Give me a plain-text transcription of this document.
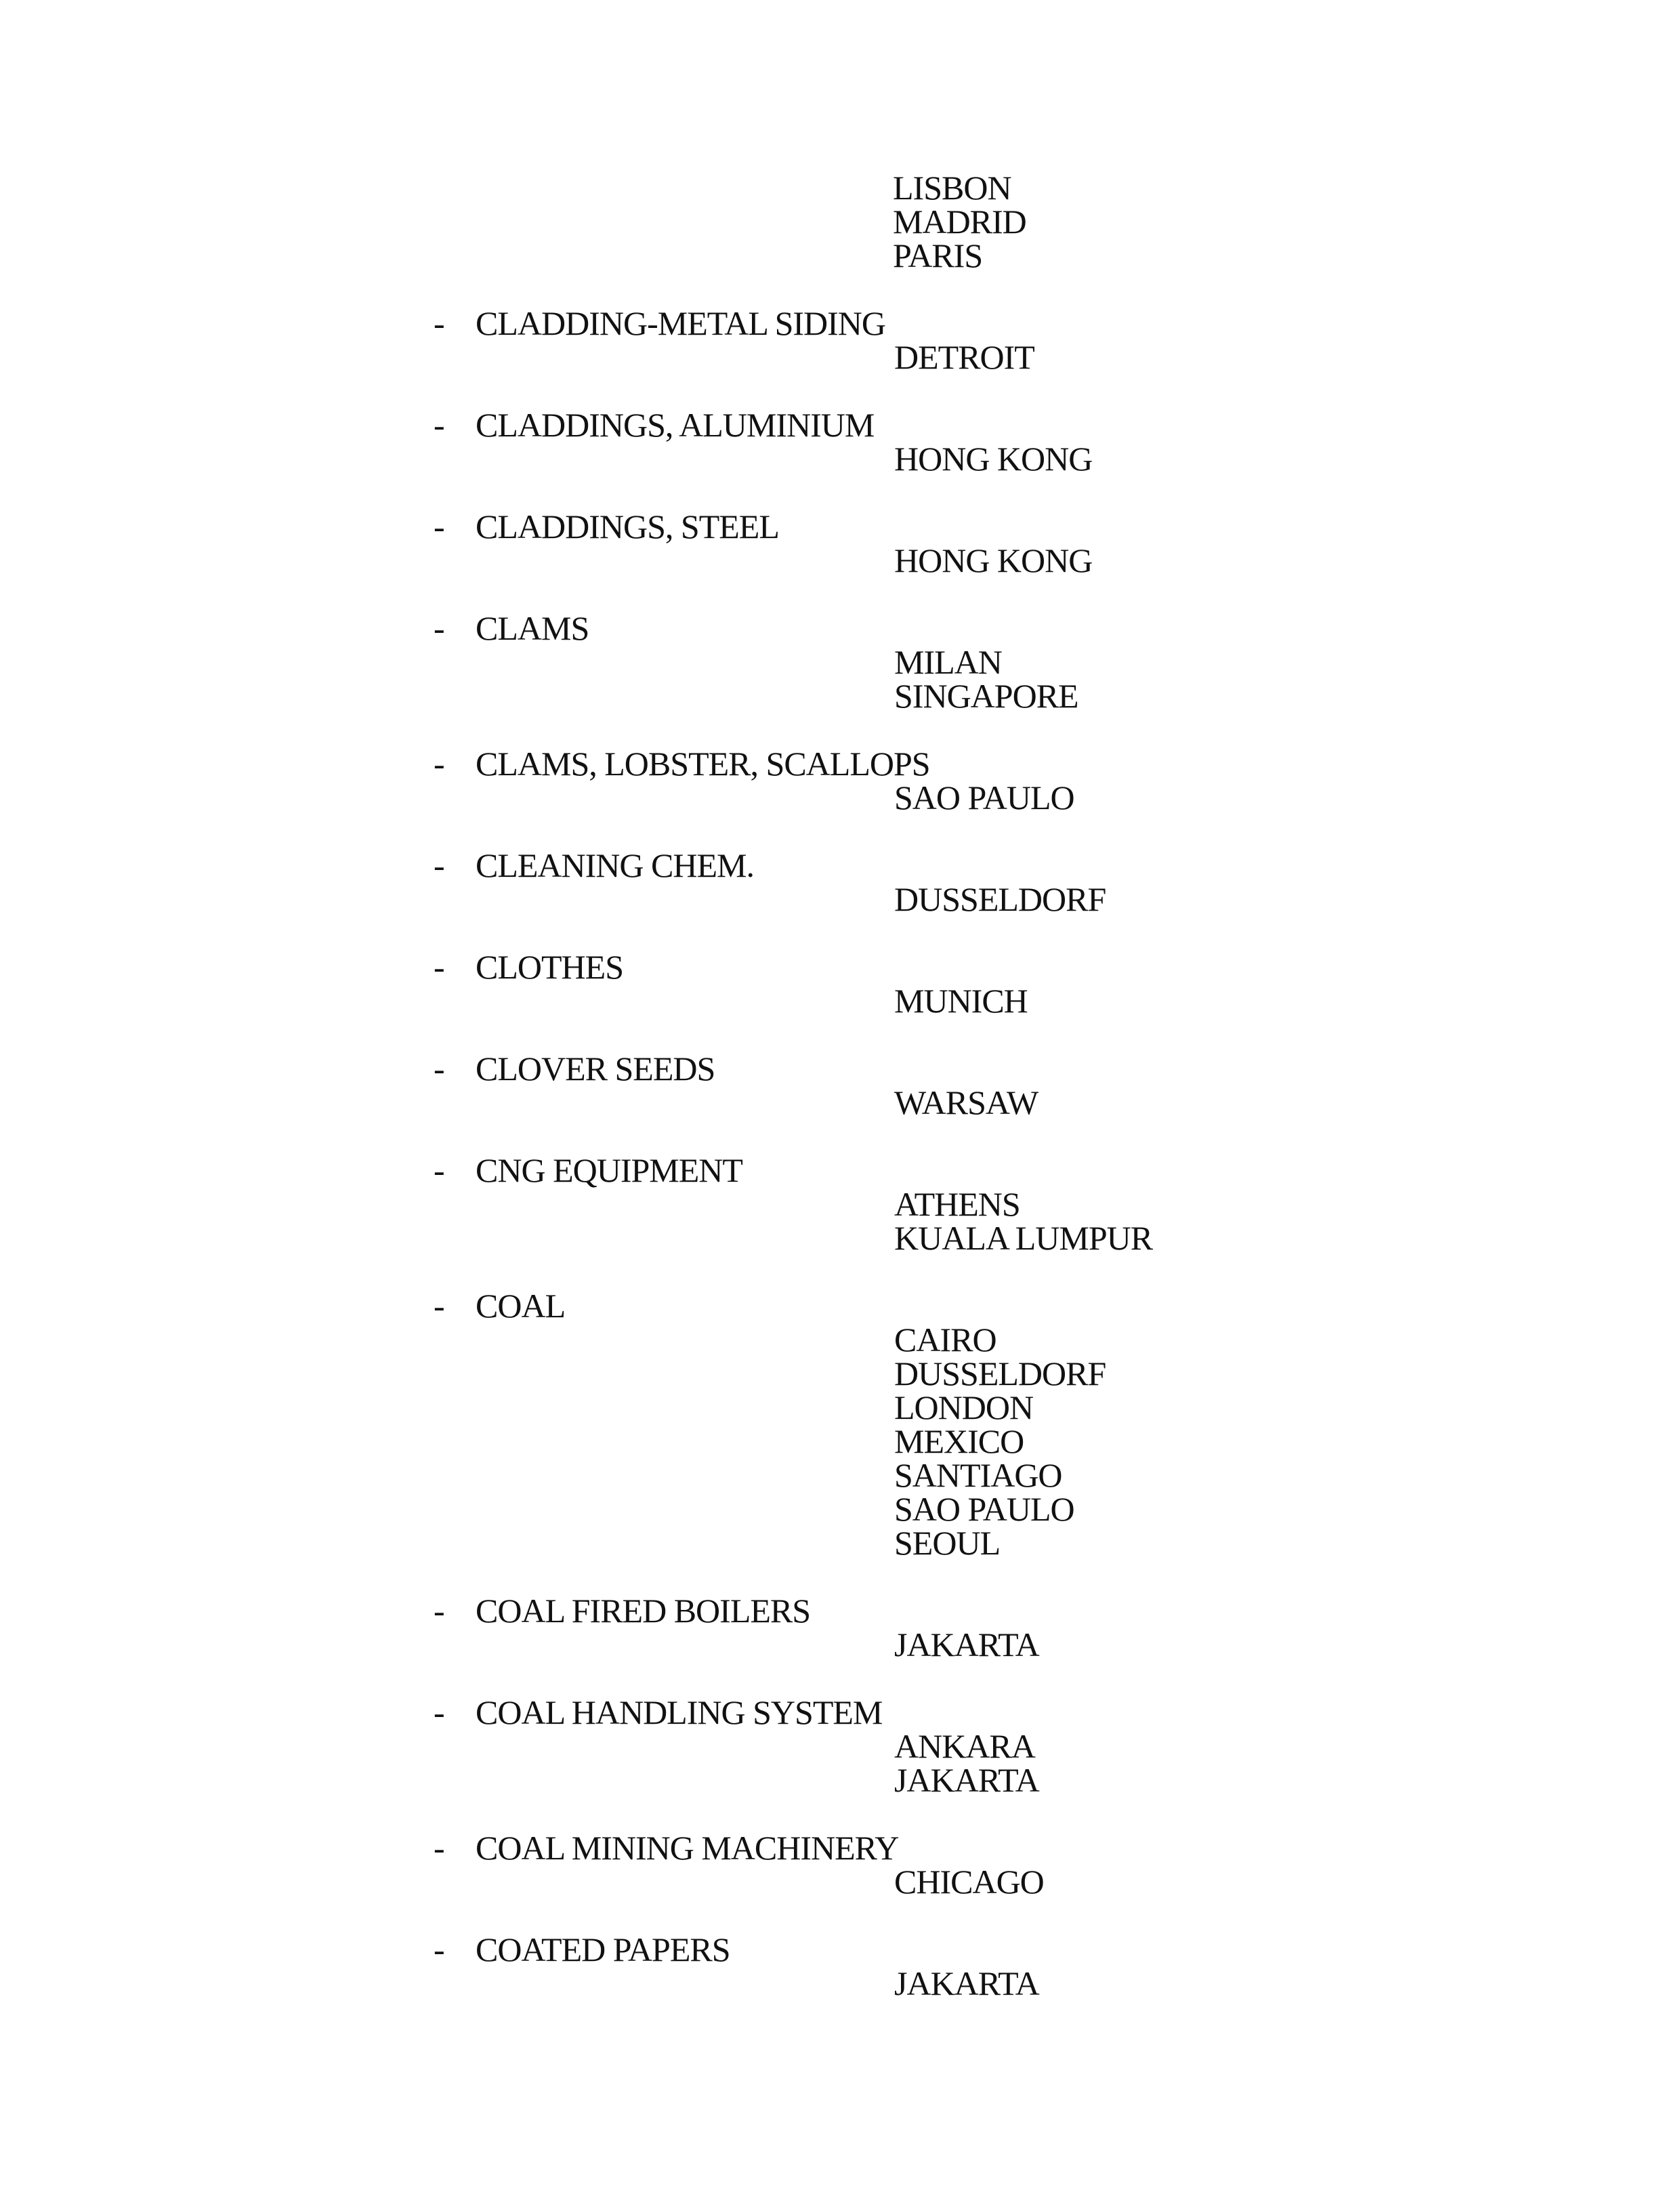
LISBON
MADRID
PARIS
- CLADDING-METAL SIDING
DETROIT
- CLADDINGS, ALUMINIUM
HONG KONG
- CLADDINGS, STEEL
HONG KONG
- CLAMS
MILAN
SINGAPORE
- CLAMS, LOBSTER, SCALLOPS
SAO PAULO
- CLEANING CHEM.
DUSSELDORF
- CLOTHES
MUNICH
- CLOVER SEEDS
WARSAW
- CNG EQUIPMENT
ATHENS
KUALA LUMPUR
- COAL
CAIRO
DUSSELDORF
LONDON
MEXICO
SANTIAGO
SAO PAULO
SEOUL
- COAL FIRED BOILERS
JAKARTA
- COAL HANDLING SYSTEM
ANKARA
JAKARTA
- COAL MINING MACHINERY
CHICAGO
- COATED PAPERS
JAKARTA
